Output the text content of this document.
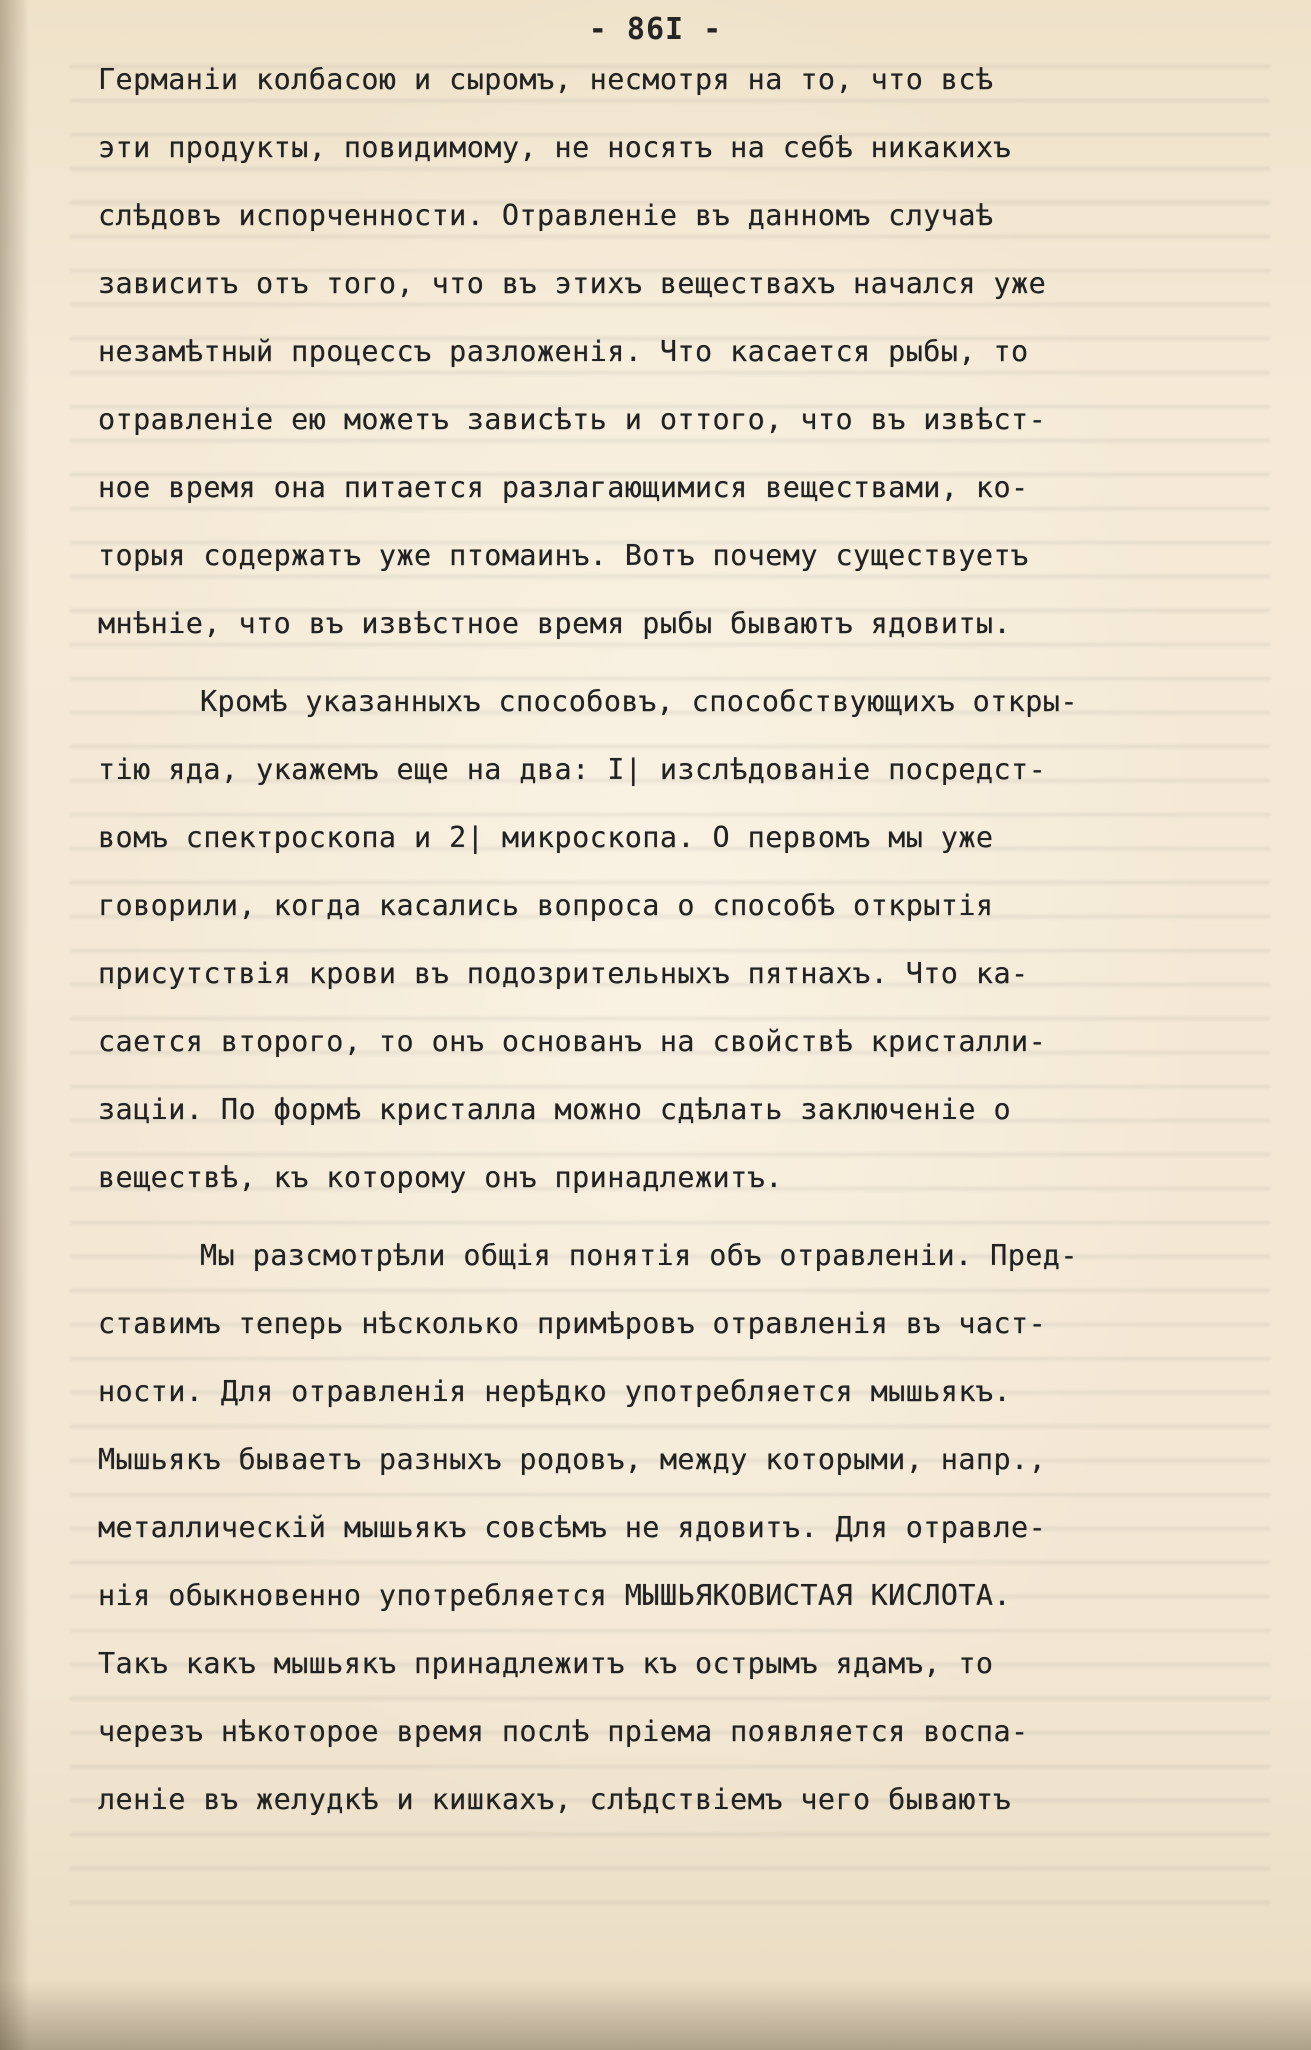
- 86I -
Германіи колбасою и сыромъ, несмотря на то, что всѣ
эти продукты, повидимому, не носятъ на себѣ никакихъ
слѣдовъ испорченности. Отравленіе въ данномъ случаѣ
зависитъ отъ того, что въ этихъ веществахъ начался уже
незамѣтный процессъ разложенія. Что касается рыбы, то
отравленіе ею можетъ зависѣть и оттого, что въ извѣст-
ное время она питается разлагающимися веществами, ко-
торыя содержатъ уже птомаинъ. Вотъ почему существуетъ
мнѣніе, что въ извѣстное время рыбы бываютъ ядовиты.
Кромѣ указанныхъ способовъ, способствующихъ откры-
тію яда, укажемъ еще на два: I| изслѣдованіе посредст-
вомъ спектроскопа и 2| микроскопа. О первомъ мы уже
говорили, когда касались вопроса о способѣ открытія
присутствія крови въ подозрительныхъ пятнахъ. Что ка-
сается второго, то онъ основанъ на свойствѣ кристалли-
заціи. По формѣ кристалла можно сдѣлать заключеніе о
веществѣ, къ которому онъ принадлежитъ.
Мы разсмотрѣли общія понятія объ отравленіи. Пред-
ставимъ теперь нѣсколько примѣровъ отравленія въ част-
ности. Для отравленія нерѣдко употребляется мышьякъ.
Мышьякъ бываетъ разныхъ родовъ, между которыми, напр.,
металлическій мышьякъ совсѣмъ не ядовитъ. Для отравле-
нія обыкновенно употребляется МЫШЬЯКОВИСТАЯ КИСЛОТА.
Такъ какъ мышьякъ принадлежитъ къ острымъ ядамъ, то
черезъ нѣкоторое время послѣ пріема появляется воспа-
леніе въ желудкѣ и кишкахъ, слѣдствіемъ чего бываютъ
